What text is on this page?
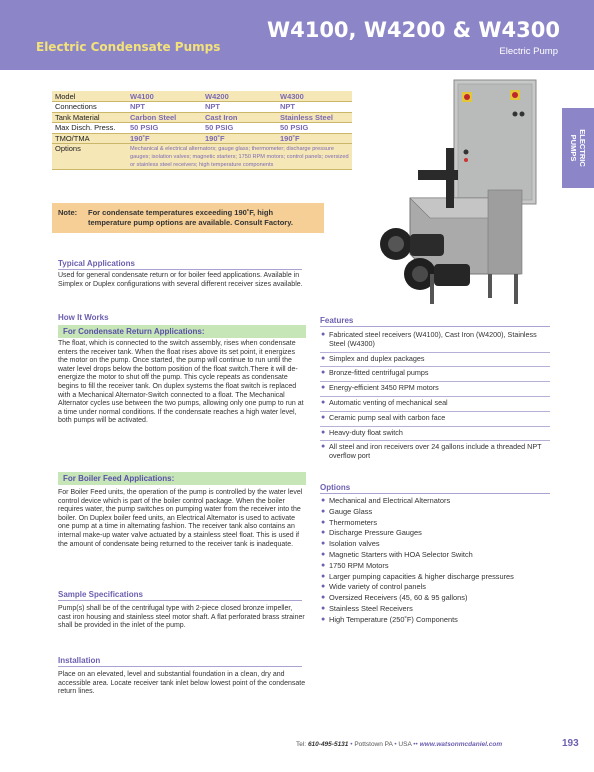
Electric Condensate Pumps
W4100, W4200 & W4300
Electric Pump
ELECTRIC
PUMPS
Model	W4100	W4200	W4300
Connections	NPT	NPT	NPT
Tank Material	Carbon Steel	Cast Iron	Stainless Steel
Max Disch. Press.	50 PSIG	50 PSIG	50 PSIG
TMO/TMA	190˚F	190˚F	190˚F
Options	Mechanical & electrical alternators; gauge glass; thermometer; discharge pressure gauges; isolation valves; magnetic starters; 1750 RPM motors; control panels; oversized or stainless steel receivers; high temperature components		
Note: For condensate temperatures exceeding 190˚F, high temperature pump options are available. Consult Factory.
Typical Applications
Used for general condensate return or for boiler feed applications. Available in Simplex or Duplex configurations with several different receiver sizes available.
How It Works
For Condensate Return Applications:
The float, which is connected to the switch assembly, rises when condensate enters the receiver tank. When the float rises above its set point, it energizes the motor on the pump. Once started, the pump will continue to run until the water level drops below the bottom position of the float switch.There it will de-energize the motor to shut off the pump. This cycle repeats as condensate begins to fill the receiver tank. On duplex systems the float switch is replaced with a Mechanical Alternator-Switch connected to a float. The Mechanical Alternator cycles use between the two pumps, allowing only one pump to run at a time under normal conditions. If the condensate reaches a high water level, both pumps will be activated.
For Boiler Feed Applications:
For Boiler Feed units, the operation of the pump is controlled by the water level control device which is part of the boiler control package. When the boiler requires water, the pump switches on pumping water from the receiver into the boiler. On Duplex boiler feed units, an Electrical Alternator is used to activate one pump at a time in alternating fashion. The receiver tank also contains an internal make-up water valve actuated by a stainless steel float. This is used if the amount of condensate being returned to the receiver tank is inadequate.
Sample Specifications
Pump(s) shall be of the centrifugal type with 2-piece closed bronze impeller, cast iron housing and stainless steel motor shaft. A flat perforated brass strainer shall be provided in the inlet of the pump.
Installation
Place on an elevated, level and substantial foundation in a clean, dry and accessible area. Locate receiver tank inlet below lowest point of the condensate return lines.
Features
● Fabricated steel receivers (W4100), Cast Iron (W4200), Stainless Steel (W4300)
● Simplex and duplex packages
● Bronze-fitted centrifugal pumps
● Energy-efficient 3450 RPM motors
● Automatic venting of mechanical seal
● Ceramic pump seal with carbon face
● Heavy-duty float switch
● All steel and iron receivers over 24 gallons include a threaded NPT overflow port
Options
● Mechanical and Electrical Alternators
● Gauge Glass
● Thermometers
● Discharge Pressure Gauges
● Isolation valves
● Magnetic Starters with HOA Selector Switch
● 1750 RPM Motors
● Larger pumping capacities & higher discharge pressures
● Wide variety of control panels
● Oversized Receivers (45, 60 & 95 gallons)
● Stainless Steel Receivers
● High Temperature (250˚F) Components
Tel: 610-495-5131 • Pottstown PA • USA •• www.watsonmcdaniel.com	193
